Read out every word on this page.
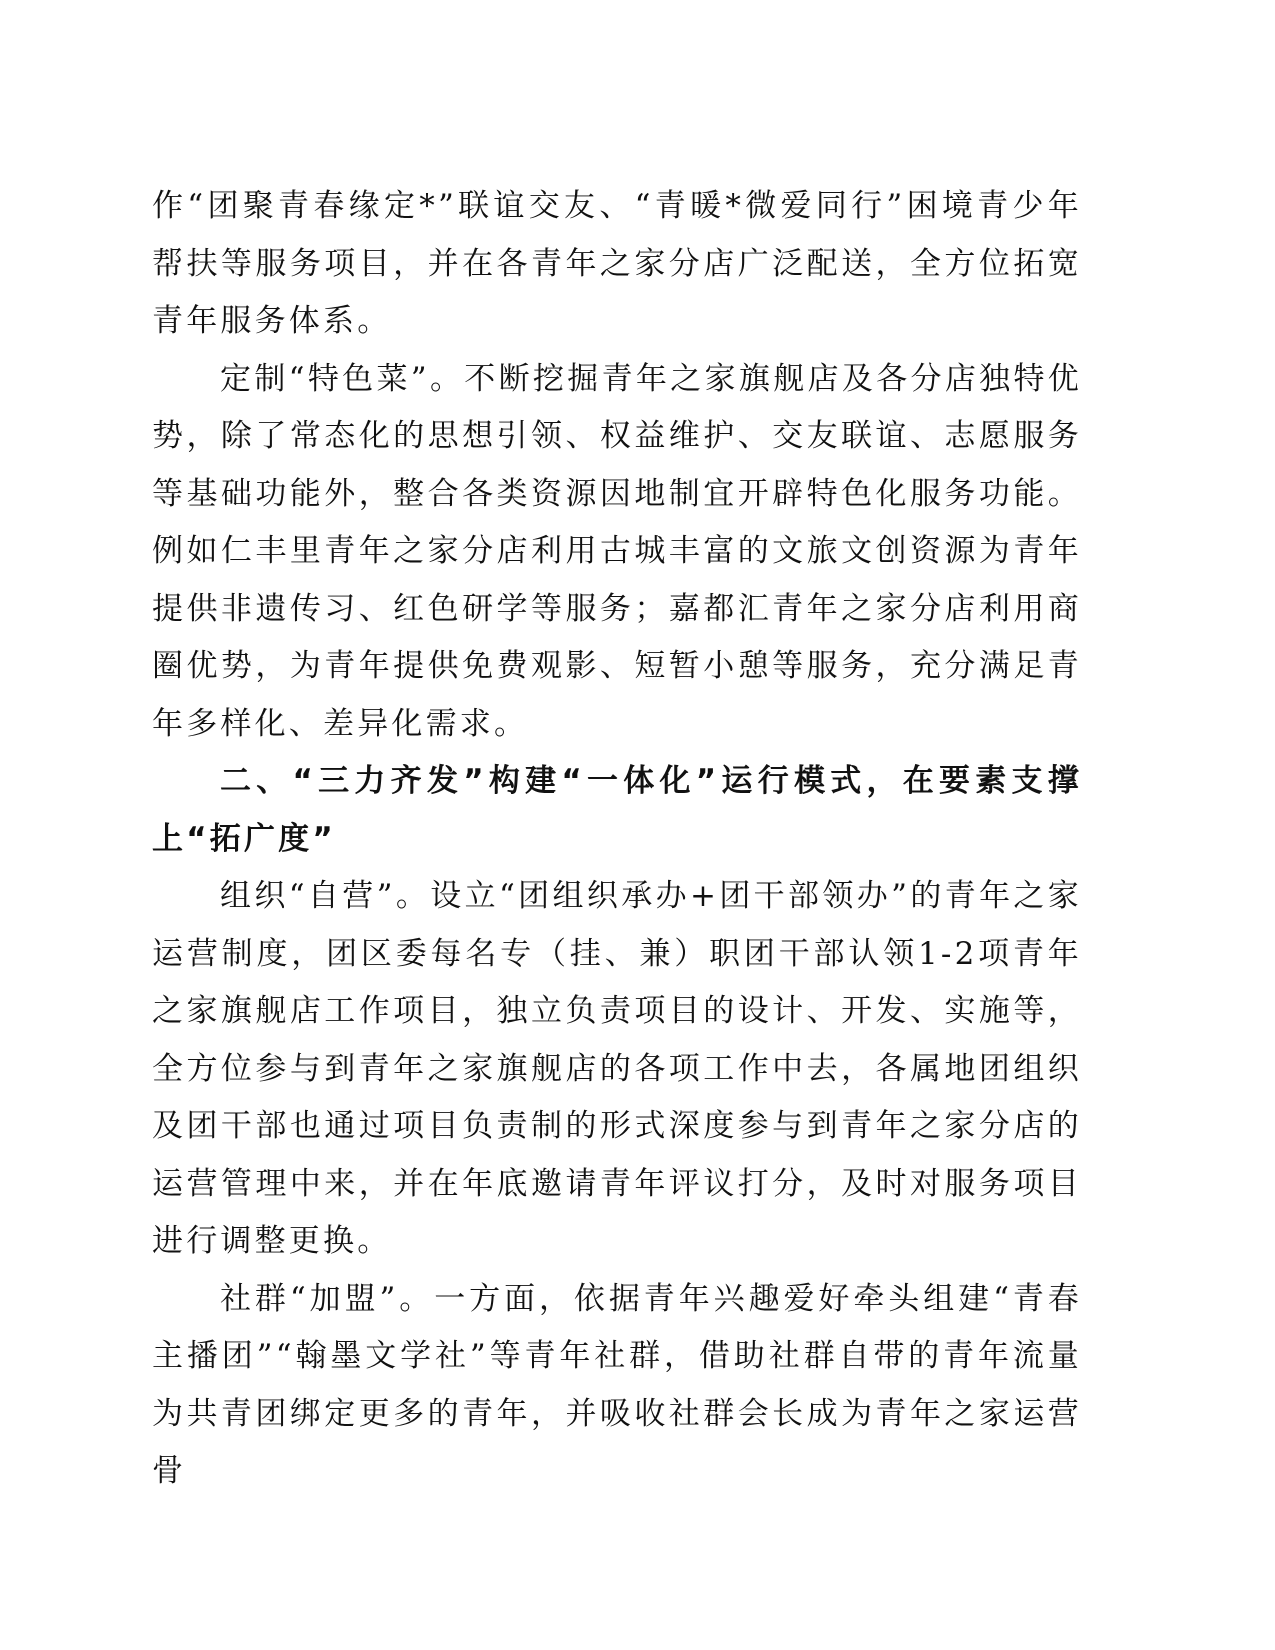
作“团聚青春缘定*”联谊交友、“青暖*微爱同行”困境青少年帮扶等服务项目，并在各青年之家分店广泛配送，全方位拓宽青年服务体系。

定制“特色菜”。不断挖掘青年之家旗舰店及各分店独特优势，除了常态化的思想引领、权益维护、交友联谊、志愿服务等基础功能外，整合各类资源因地制宜开辟特色化服务功能。例如仁丰里青年之家分店利用古城丰富的文旅文创资源为青年提供非遗传习、红色研学等服务；嘉都汇青年之家分店利用商圈优势，为青年提供免费观影、短暂小憩等服务，充分满足青年多样化、差异化需求。

二、“三力齐发”构建“一体化”运行模式，在要素支撑上“拓广度”

组织“自营”。设立“团组织承办+团干部领办”的青年之家运营制度，团区委每名专（挂、兼）职团干部认领1-2项青年之家旗舰店工作项目，独立负责项目的设计、开发、实施等，全方位参与到青年之家旗舰店的各项工作中去，各属地团组织及团干部也通过项目负责制的形式深度参与到青年之家分店的运营管理中来，并在年底邀请青年评议打分，及时对服务项目进行调整更换。

社群“加盟”。一方面，依据青年兴趣爱好牵头组建“青春主播团”“翰墨文学社”等青年社群，借助社群自带的青年流量为共青团绑定更多的青年，并吸收社群会长成为青年之家运营骨
